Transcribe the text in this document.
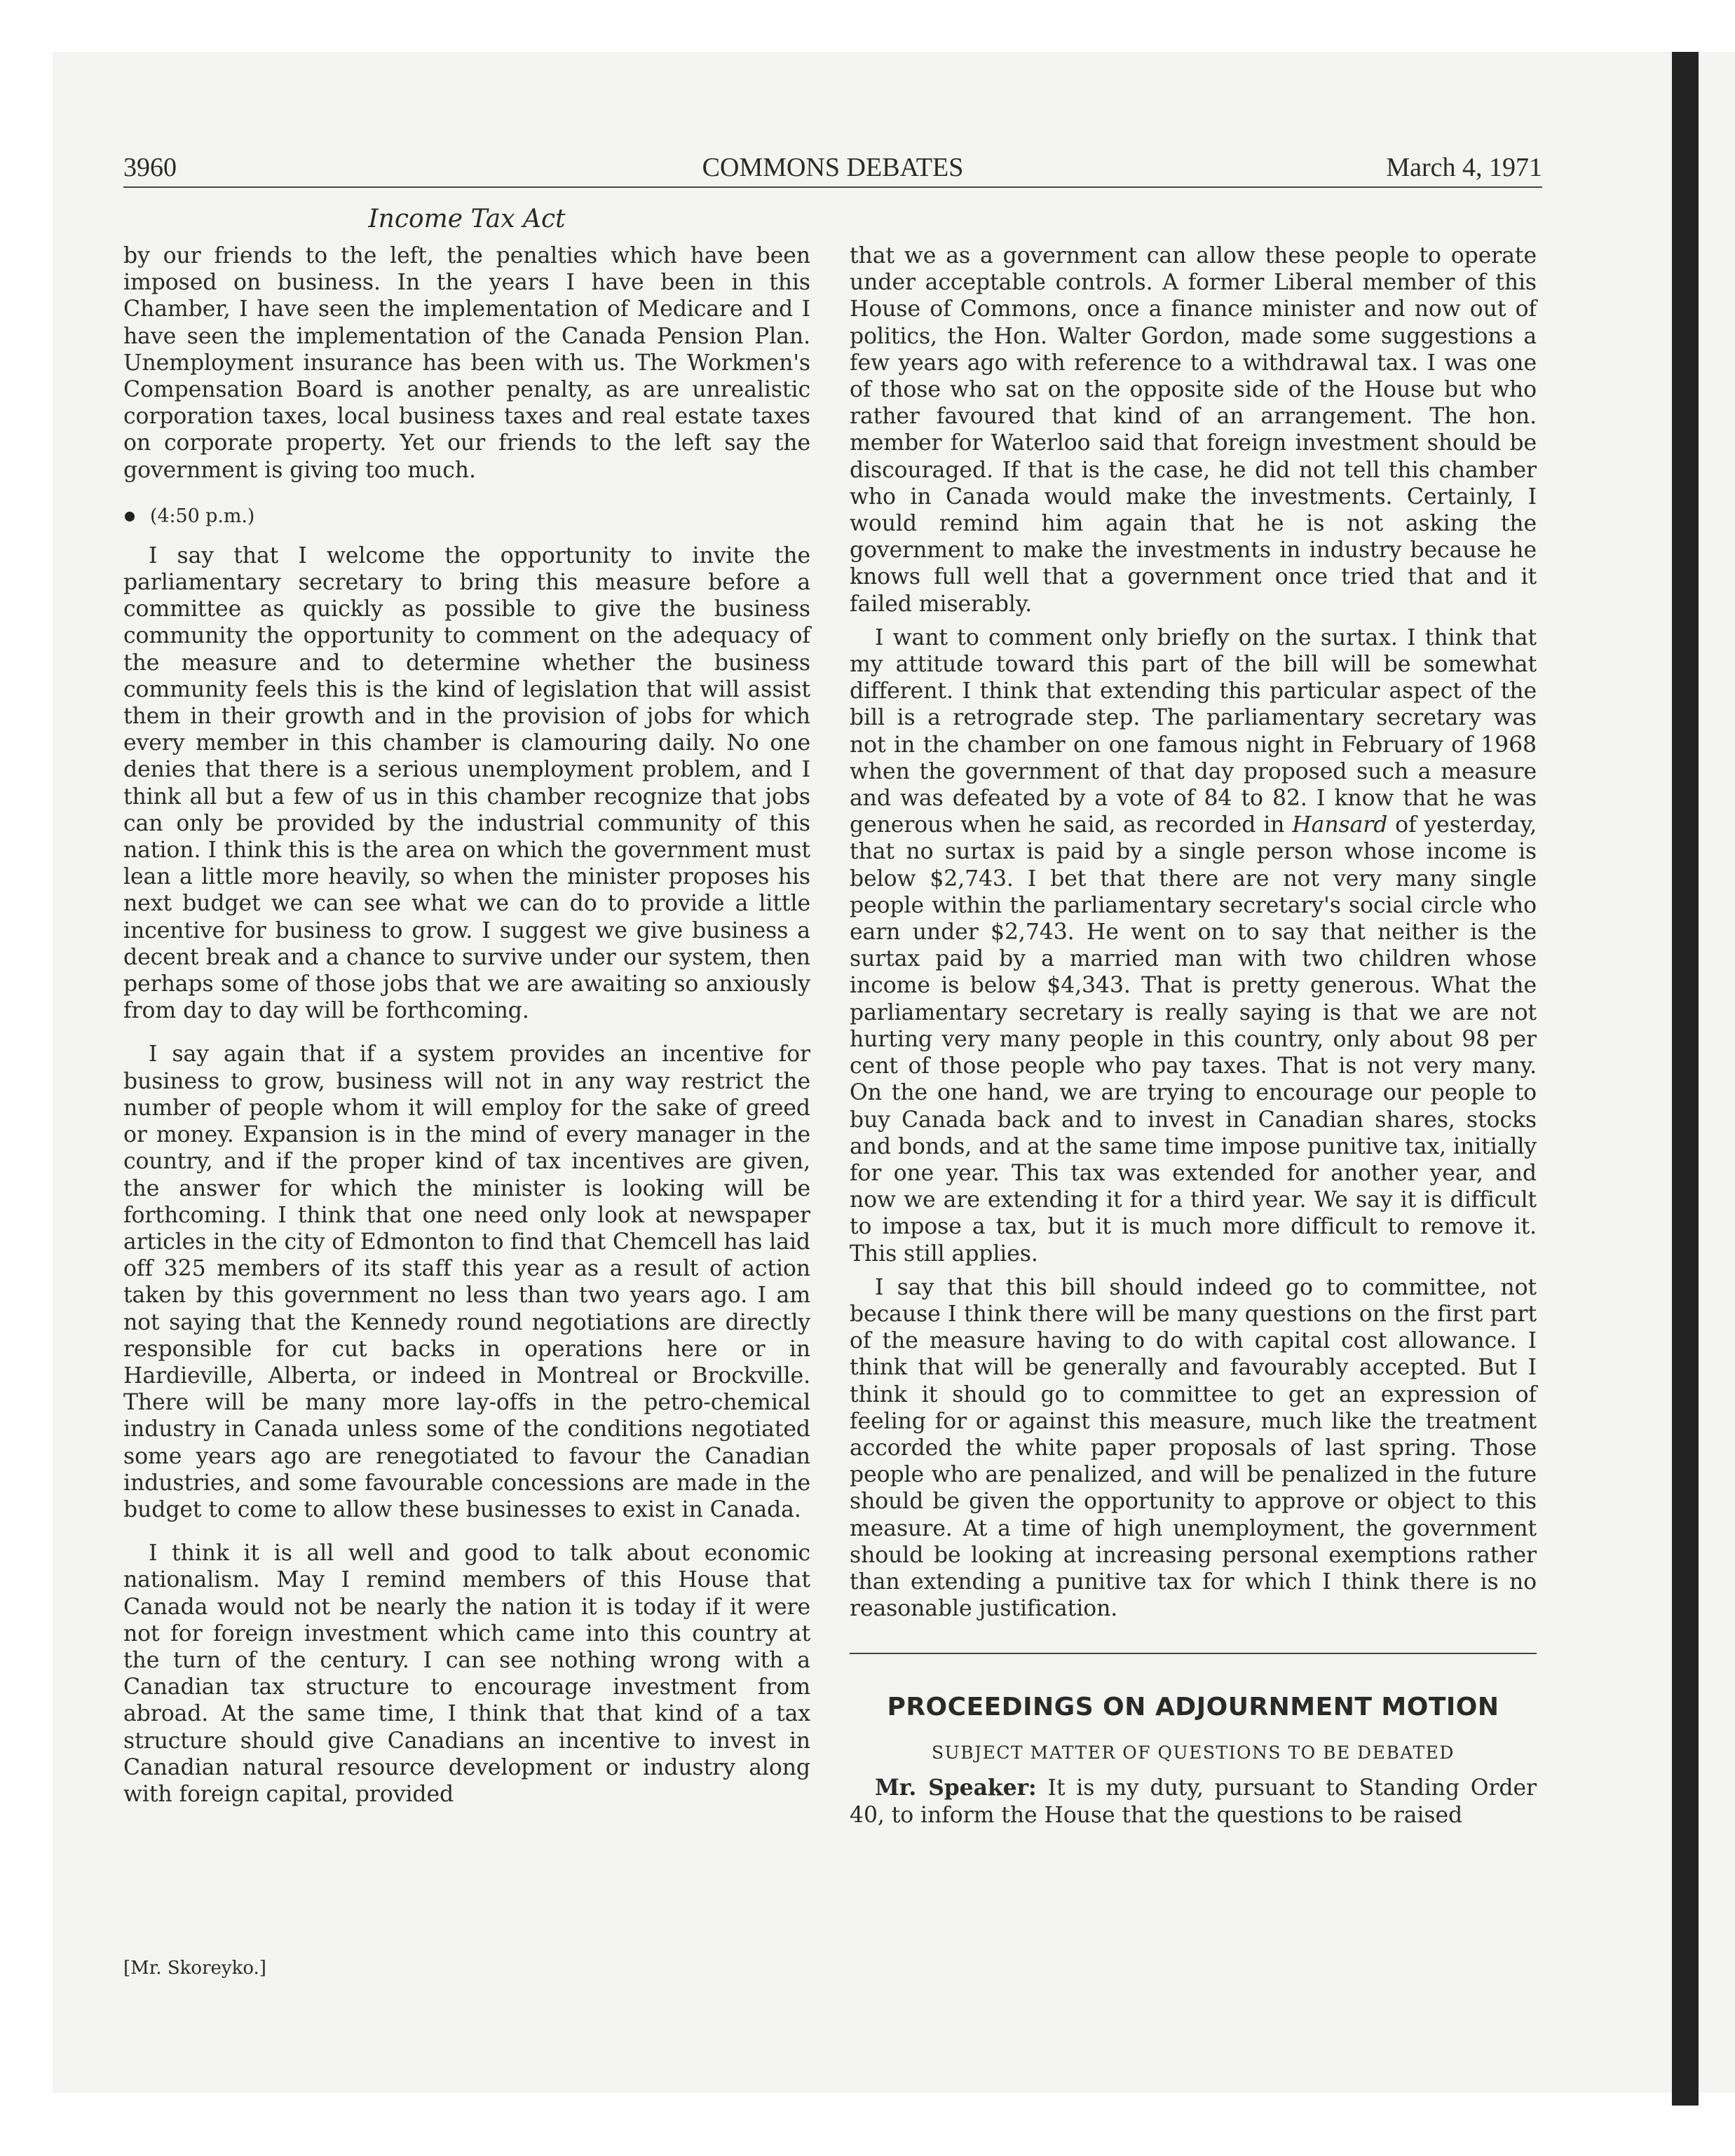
3960	COMMONS DEBATES	March 4, 1971
Income Tax Act

by our friends to the left, the penalties which have been imposed on business. In the years I have been in this Chamber, I have seen the implementation of Medicare and I have seen the implementation of the Canada Pension Plan. Unemployment insurance has been with us. The Workmen's Compensation Board is another penalty, as are unrealistic corporation taxes, local business taxes and real estate taxes on corporate property. Yet our friends to the left say the government is giving too much.

(4:50 p.m.)

I say that I welcome the opportunity to invite the parliamentary secretary to bring this measure before a committee as quickly as possible to give the business community the opportunity to comment on the adequacy of the measure and to determine whether the business community feels this is the kind of legislation that will assist them in their growth and in the provision of jobs for which every member in this chamber is clamouring daily. No one denies that there is a serious unemployment problem, and I think all but a few of us in this chamber recognize that jobs can only be provided by the industrial community of this nation. I think this is the area on which the government must lean a little more heavily, so when the minister proposes his next budget we can see what we can do to provide a little incentive for business to grow. I suggest we give business a decent break and a chance to survive under our system, then perhaps some of those jobs that we are awaiting so anxiously from day to day will be forthcoming.

I say again that if a system provides an incentive for business to grow, business will not in any way restrict the number of people whom it will employ for the sake of greed or money. Expansion is in the mind of every manager in the country, and if the proper kind of tax incentives are given, the answer for which the minister is looking will be forthcoming. I think that one need only look at newspaper articles in the city of Edmonton to find that Chemcell has laid off 325 members of its staff this year as a result of action taken by this government no less than two years ago. I am not saying that the Kennedy round negotiations are directly responsible for cut backs in operations here or in Hardieville, Alberta, or indeed in Montreal or Brockville. There will be many more lay-offs in the petro-chemical industry in Canada unless some of the conditions negotiated some years ago are renegotiated to favour the Canadian industries, and some favourable concessions are made in the budget to come to allow these businesses to exist in Canada.

I think it is all well and good to talk about economic nationalism. May I remind members of this House that Canada would not be nearly the nation it is today if it were not for foreign investment which came into this country at the turn of the century. I can see nothing wrong with a Canadian tax structure to encourage investment from abroad. At the same time, I think that that kind of a tax structure should give Canadians an incentive to invest in Canadian natural resource development or industry along with foreign capital, provided

that we as a government can allow these people to operate under acceptable controls. A former Liberal member of this House of Commons, once a finance minister and now out of politics, the Hon. Walter Gordon, made some suggestions a few years ago with reference to a withdrawal tax. I was one of those who sat on the opposite side of the House but who rather favoured that kind of an arrangement. The hon. member for Waterloo said that foreign investment should be discouraged. If that is the case, he did not tell this chamber who in Canada would make the investments. Certainly, I would remind him again that he is not asking the government to make the investments in industry because he knows full well that a government once tried that and it failed miserably.

I want to comment only briefly on the surtax. I think that my attitude toward this part of the bill will be somewhat different. I think that extending this particular aspect of the bill is a retrograde step. The parliamentary secretary was not in the chamber on one famous night in February of 1968 when the government of that day proposed such a measure and was defeated by a vote of 84 to 82. I know that he was generous when he said, as recorded in Hansard of yesterday, that no surtax is paid by a single person whose income is below $2,743. I bet that there are not very many single people within the parliamentary secretary's social circle who earn under $2,743. He went on to say that neither is the surtax paid by a married man with two children whose income is below $4,343. That is pretty generous. What the parliamentary secretary is really saying is that we are not hurting very many people in this country, only about 98 per cent of those people who pay taxes. That is not very many. On the one hand, we are trying to encourage our people to buy Canada back and to invest in Canadian shares, stocks and bonds, and at the same time impose punitive tax, initially for one year. This tax was extended for another year, and now we are extending it for a third year. We say it is difficult to impose a tax, but it is much more difficult to remove it. This still applies.

I say that this bill should indeed go to committee, not because I think there will be many questions on the first part of the measure having to do with capital cost allowance. I think that will be generally and favourably accepted. But I think it should go to committee to get an expression of feeling for or against this measure, much like the treatment accorded the white paper proposals of last spring. Those people who are penalized, and will be penalized in the future should be given the opportunity to approve or object to this measure. At a time of high unemployment, the government should be looking at increasing personal exemptions rather than extending a punitive tax for which I think there is no reasonable justification.

PROCEEDINGS ON ADJOURNMENT MOTION
SUBJECT MATTER OF QUESTIONS TO BE DEBATED

Mr. Speaker: It is my duty, pursuant to Standing Order 40, to inform the House that the questions to be raised

[Mr. Skoreyko.]
